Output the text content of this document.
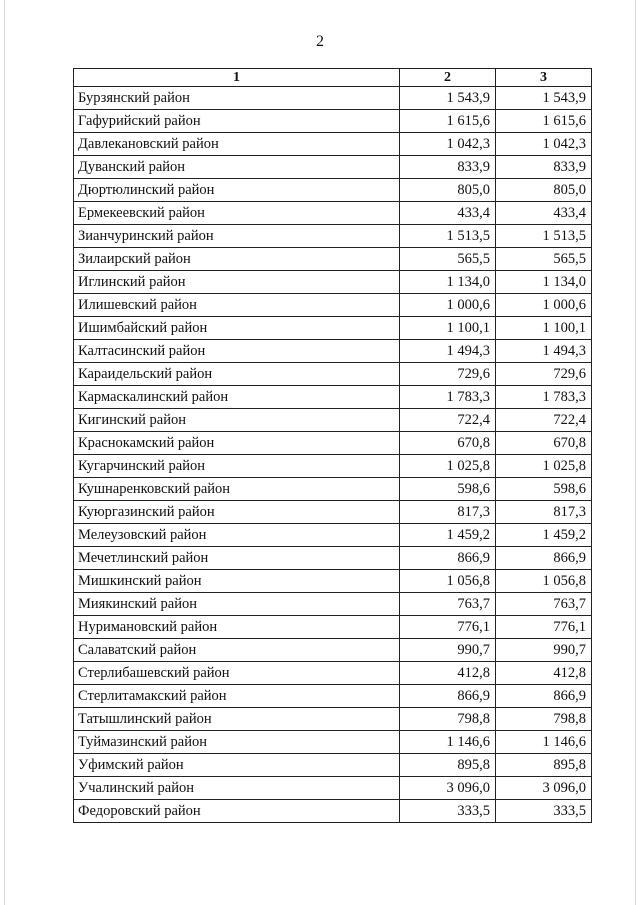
2
1	2	3
Бурзянский район	1 543,9	1 543,9
Гафурийский район	1 615,6	1 615,6
Давлекановский район	1 042,3	1 042,3
Дуванский район	833,9	833,9
Дюртюлинский район	805,0	805,0
Ермекеевский район	433,4	433,4
Зианчуринский район	1 513,5	1 513,5
Зилаирский район	565,5	565,5
Иглинский район	1 134,0	1 134,0
Илишевский район	1 000,6	1 000,6
Ишимбайский район	1 100,1	1 100,1
Калтасинский район	1 494,3	1 494,3
Караидельский район	729,6	729,6
Кармаскалинский район	1 783,3	1 783,3
Кигинский район	722,4	722,4
Краснокамский район	670,8	670,8
Кугарчинский район	1 025,8	1 025,8
Кушнаренковский район	598,6	598,6
Куюргазинский район	817,3	817,3
Мелеузовский район	1 459,2	1 459,2
Мечетлинский район	866,9	866,9
Мишкинский район	1 056,8	1 056,8
Миякинский район	763,7	763,7
Нуримановский район	776,1	776,1
Салаватский район	990,7	990,7
Стерлибашевский район	412,8	412,8
Стерлитамакский район	866,9	866,9
Татышлинский район	798,8	798,8
Туймазинский район	1 146,6	1 146,6
Уфимский район	895,8	895,8
Учалинский район	3 096,0	3 096,0
Федоровский район	333,5	333,5
